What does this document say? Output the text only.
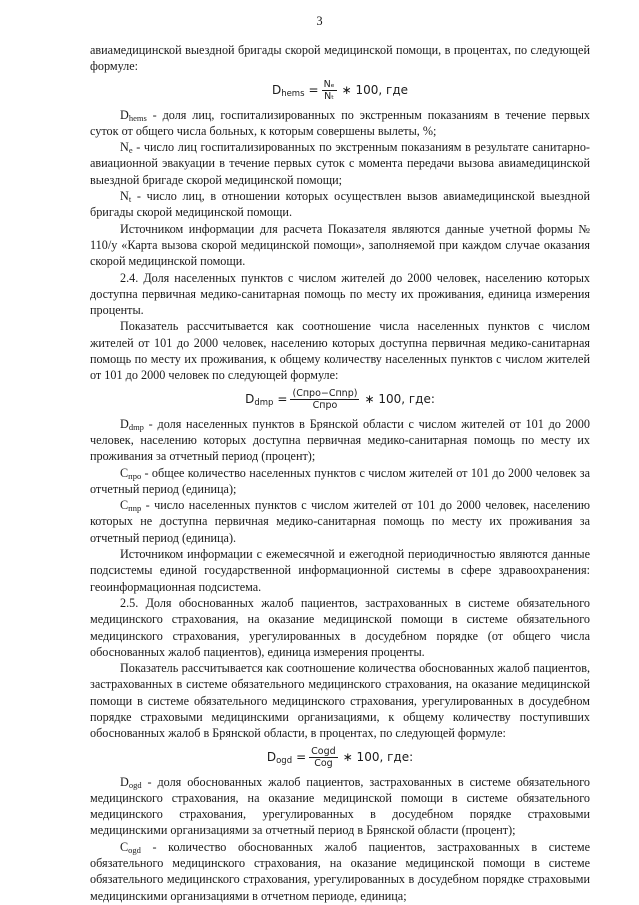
3

авиамедицинской выездной бригады скорой медицинской помощи, в процентах, по следующей формуле:

$D_{hems} = \frac{\text{Nₑ}}{\text{Nₜ}}$ ∗ 100, где

$D_{hems}$ - доля лиц, госпитализированных по экстренным показаниям в течение первых суток от общего числа больных, к которым совершены вылеты, %;

$N_e$ - число лиц госпитализированных по экстренным показаниям в результате санитарно-авиационной эвакуации в течение первых суток с момента передачи вызова авиамедицинской выездной бригаде скорой медицинской помощи;

$N_t$ - число лиц, в отношении которых осуществлен вызов авиамедицинской выездной бригады скорой медицинской помощи.

Источником информации для расчета Показателя являются данные учетной формы № 110/у «Карта вызова скорой медицинской помощи», заполняемой при каждом случае оказания скорой медицинской помощи.

2.4. Доля населенных пунктов с числом жителей до 2000 человек, населению которых доступна первичная медико-санитарная помощь по месту их проживания, единица измерения проценты.

Показатель рассчитывается как соотношение числа населенных пунктов с числом жителей от 101 до 2000 человек, населению которых доступна первичная медико-санитарная помощь по месту их проживания, к общему количеству населенных пунктов с числом жителей от 101 до 2000 человек по следующей формуле:

$D_{dmp} = \frac{\text{(Cпро−Cпnp)}}{\text{Cпро}}$ ∗ 100, где:

$D_{dmp}$ - доля населенных пунктов в Брянской области с числом жителей от 101 до 2000 человек, населению которых доступна первичная медико-санитарная помощь по месту их проживания за отчетный период (процент);

$C_{про}$ - общее количество населенных пунктов с числом жителей от 101 до 2000 человек за отчетный период (единица);

$C_{пnp}$ - число населенных пунктов с числом жителей от 101 до 2000 человек, населению которых не доступна первичная медико-санитарная помощь по месту их проживания за отчетный период (единица).

Источником информации с ежемесячной и ежегодной периодичностью являются данные подсистемы единой государственной информационной системы в сфере здравоохранения: геоинформационная подсистема.

2.5. Доля обоснованных жалоб пациентов, застрахованных в системе обязательного медицинского страхования, на оказание медицинской помощи в системе обязательного медицинского страхования, урегулированных в досудебном порядке (от общего числа обоснованных жалоб пациентов), единица измерения проценты.

Показатель рассчитывается как соотношение количества обоснованных жалоб пациентов, застрахованных в системе обязательного медицинского страхования, на оказание медицинской помощи в системе обязательного медицинского страхования, урегулированных в досудебном порядке страховыми медицинскими организациями, к общему количеству поступивших обоснованных жалоб в Брянской области, в процентах, по следующей формуле:

$D_{ogd} = \frac{\text{Cogd}}{\text{Cog}}$ ∗ 100, где:

$D_{ogd}$ - доля обоснованных жалоб пациентов, застрахованных в системе обязательного медицинского страхования, на оказание медицинской помощи в системе обязательного медицинского страхования, урегулированных в досудебном порядке страховыми медицинскими организациями за отчетный период в Брянской области (процент);

$C_{ogd}$ - количество обоснованных жалоб пациентов, застрахованных в системе обязательного медицинского страхования, на оказание медицинской помощи в системе обязательного медицинского страхования, урегулированных в досудебном порядке страховыми медицинскими организациями в отчетном периоде, единица;
